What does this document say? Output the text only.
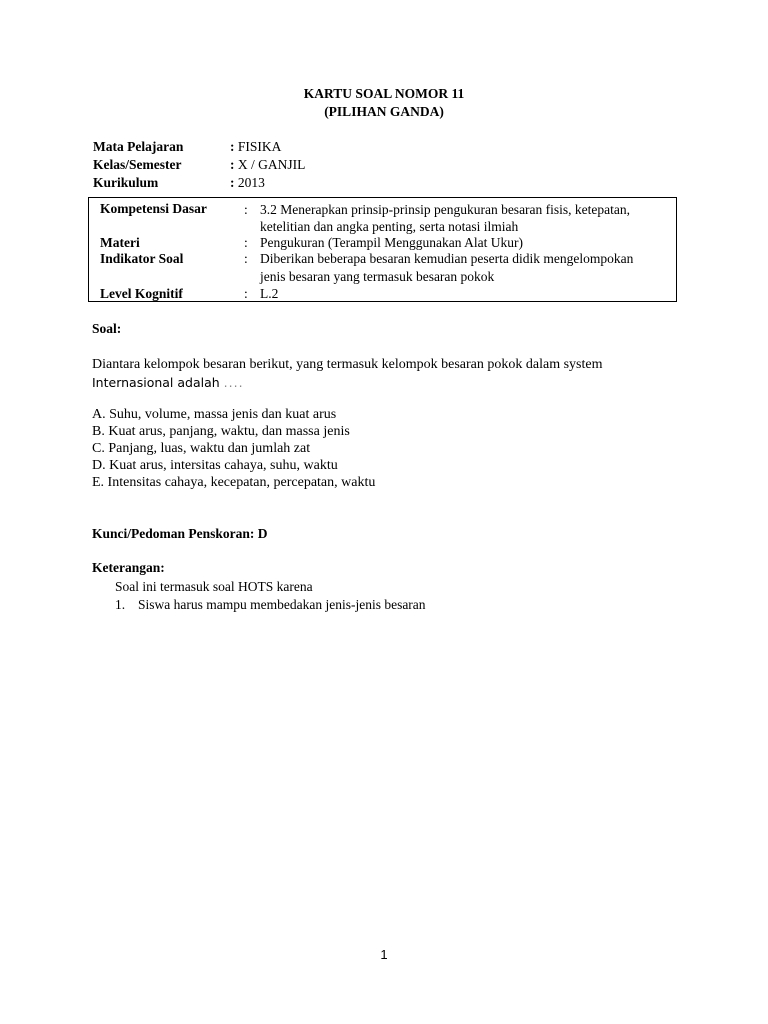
KARTU SOAL NOMOR 11
(PILIHAN GANDA)
Mata Pelajaran	: FISIKA
Kelas/Semester	: X / GANJIL
Kurikulum	: 2013
Kompetensi Dasar	: 3.2 Menerapkan prinsip-prinsip pengukuran besaran fisis, ketepatan,
ketelitian dan angka penting, serta notasi ilmiah
Materi	: Pengukuran (Terampil Menggunakan Alat Ukur)
Indikator Soal	: Diberikan beberapa besaran kemudian peserta didik mengelompokan
jenis besaran yang termasuk besaran pokok
Level Kognitif	: L.2
Soal:
Diantara kelompok besaran berikut, yang termasuk kelompok besaran pokok dalam system
Internasional adalah ....
A. Suhu, volume, massa jenis dan kuat arus
B. Kuat arus, panjang, waktu, dan massa jenis
C. Panjang, luas, waktu dan jumlah zat
D. Kuat arus, intersitas cahaya, suhu, waktu
E. Intensitas cahaya, kecepatan, percepatan, waktu
Kunci/Pedoman Penskoran: D
Keterangan:
Soal ini termasuk soal HOTS karena
1. Siswa harus mampu membedakan jenis-jenis besaran
1
